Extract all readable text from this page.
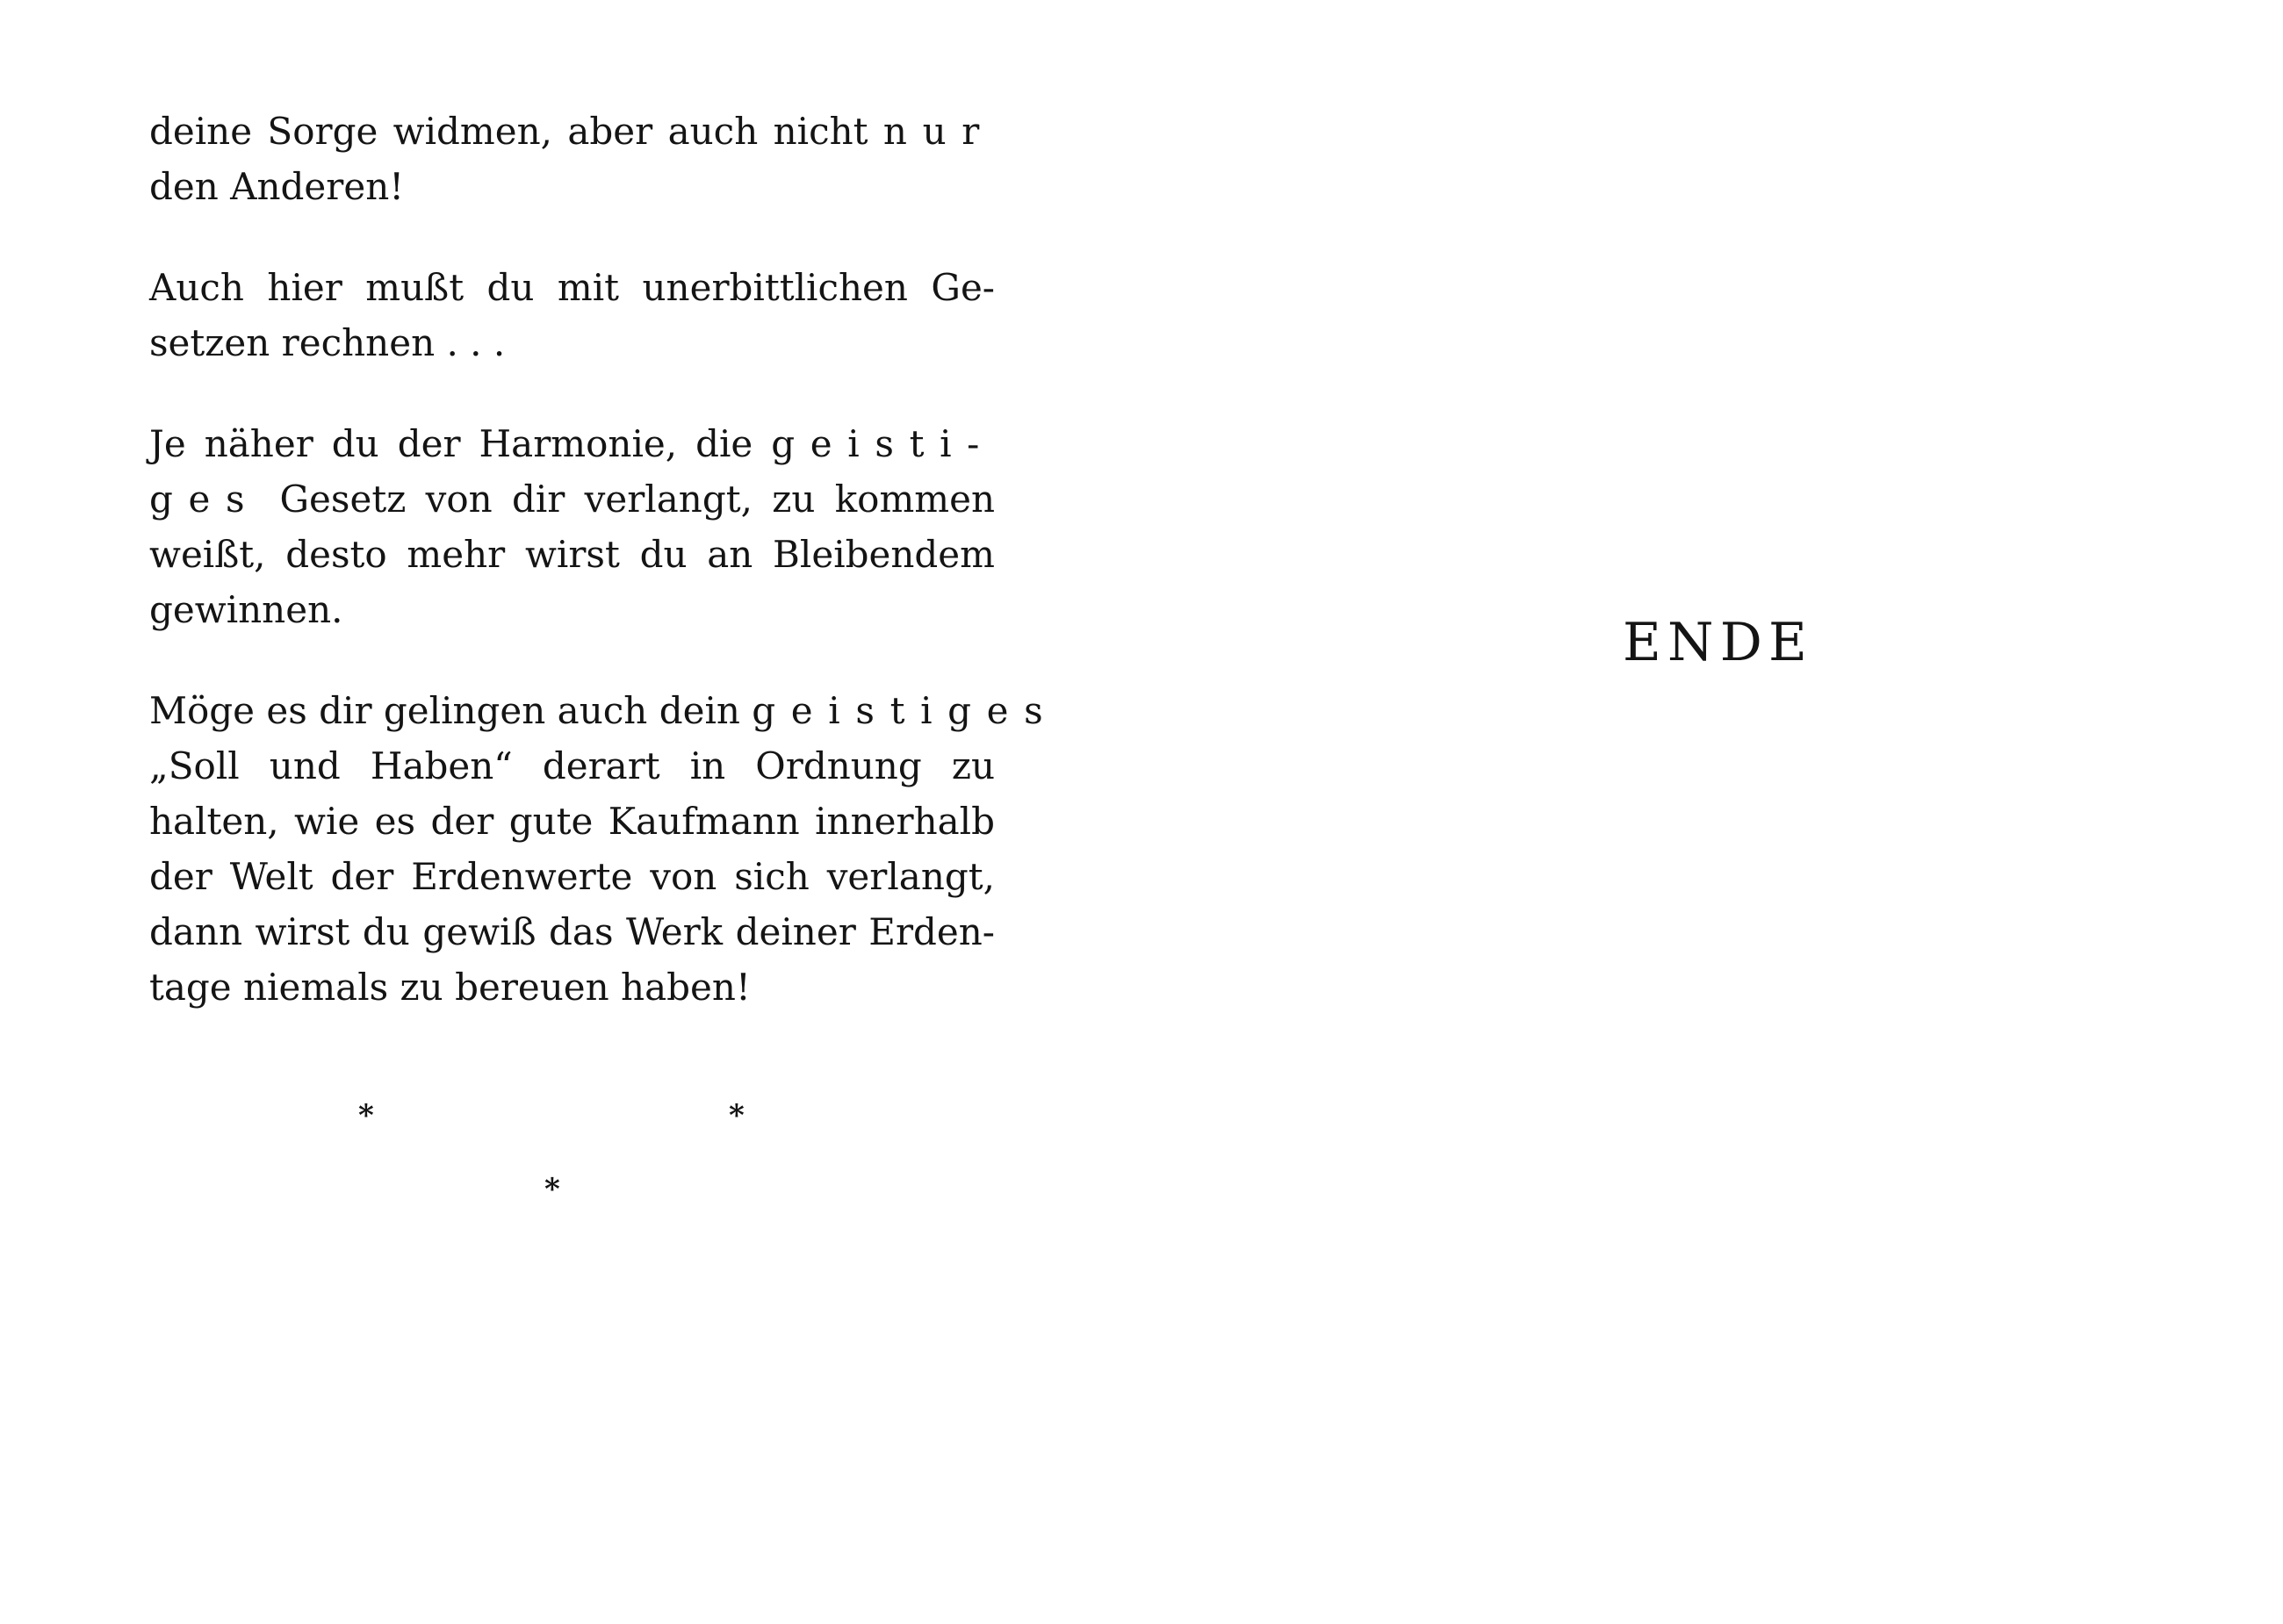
deine Sorge widmen, aber auch nicht nur
den Anderen!

Auch hier mußt du mit unerbittlichen Ge-
setzen rechnen . . .

Je näher du der Harmonie, die geisti-
ges Gesetz von dir verlangt, zu kommen
weißt, desto mehr wirst du an Bleibendem
gewinnen.

Möge es dir gelingen auch dein geistiges
„Soll und Haben“ derart in Ordnung zu
halten, wie es der gute Kaufmann innerhalb
der Welt der Erdenwerte von sich verlangt,
dann wirst du gewiß das Werk deiner Erden-
tage niemals zu bereuen haben!

*	*
*
ENDE
